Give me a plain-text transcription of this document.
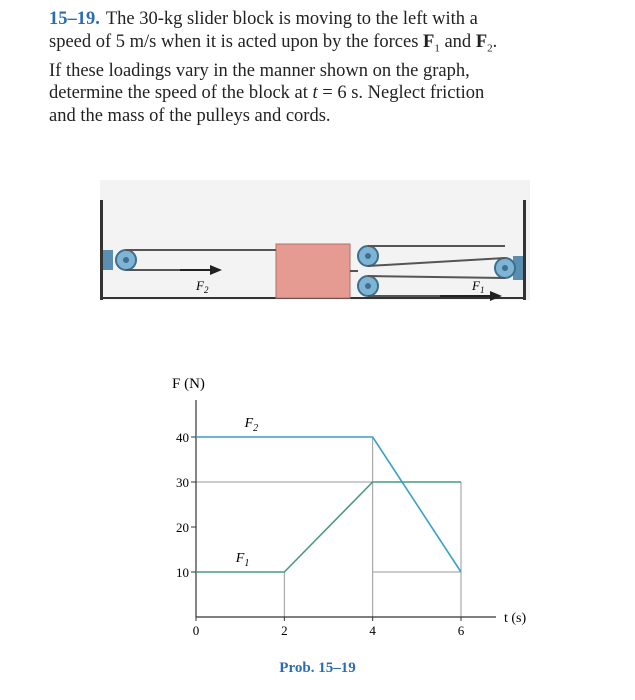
15–19. The 30-kg slider block is moving to the left with a

speed of 5 m/s when it is acted upon by the forces $F_1$ and $F_2$.

If these loadings vary in the manner shown on the graph,

determine the speed of the block at t = 6 s. Neglect friction

and the mass of the pulleys and cords.

$F_2$	$F_1$
F (N)
t (s)
10
20
30
40
0	2	4	6
$F_2$
$F_1$
Prob. 15–19
